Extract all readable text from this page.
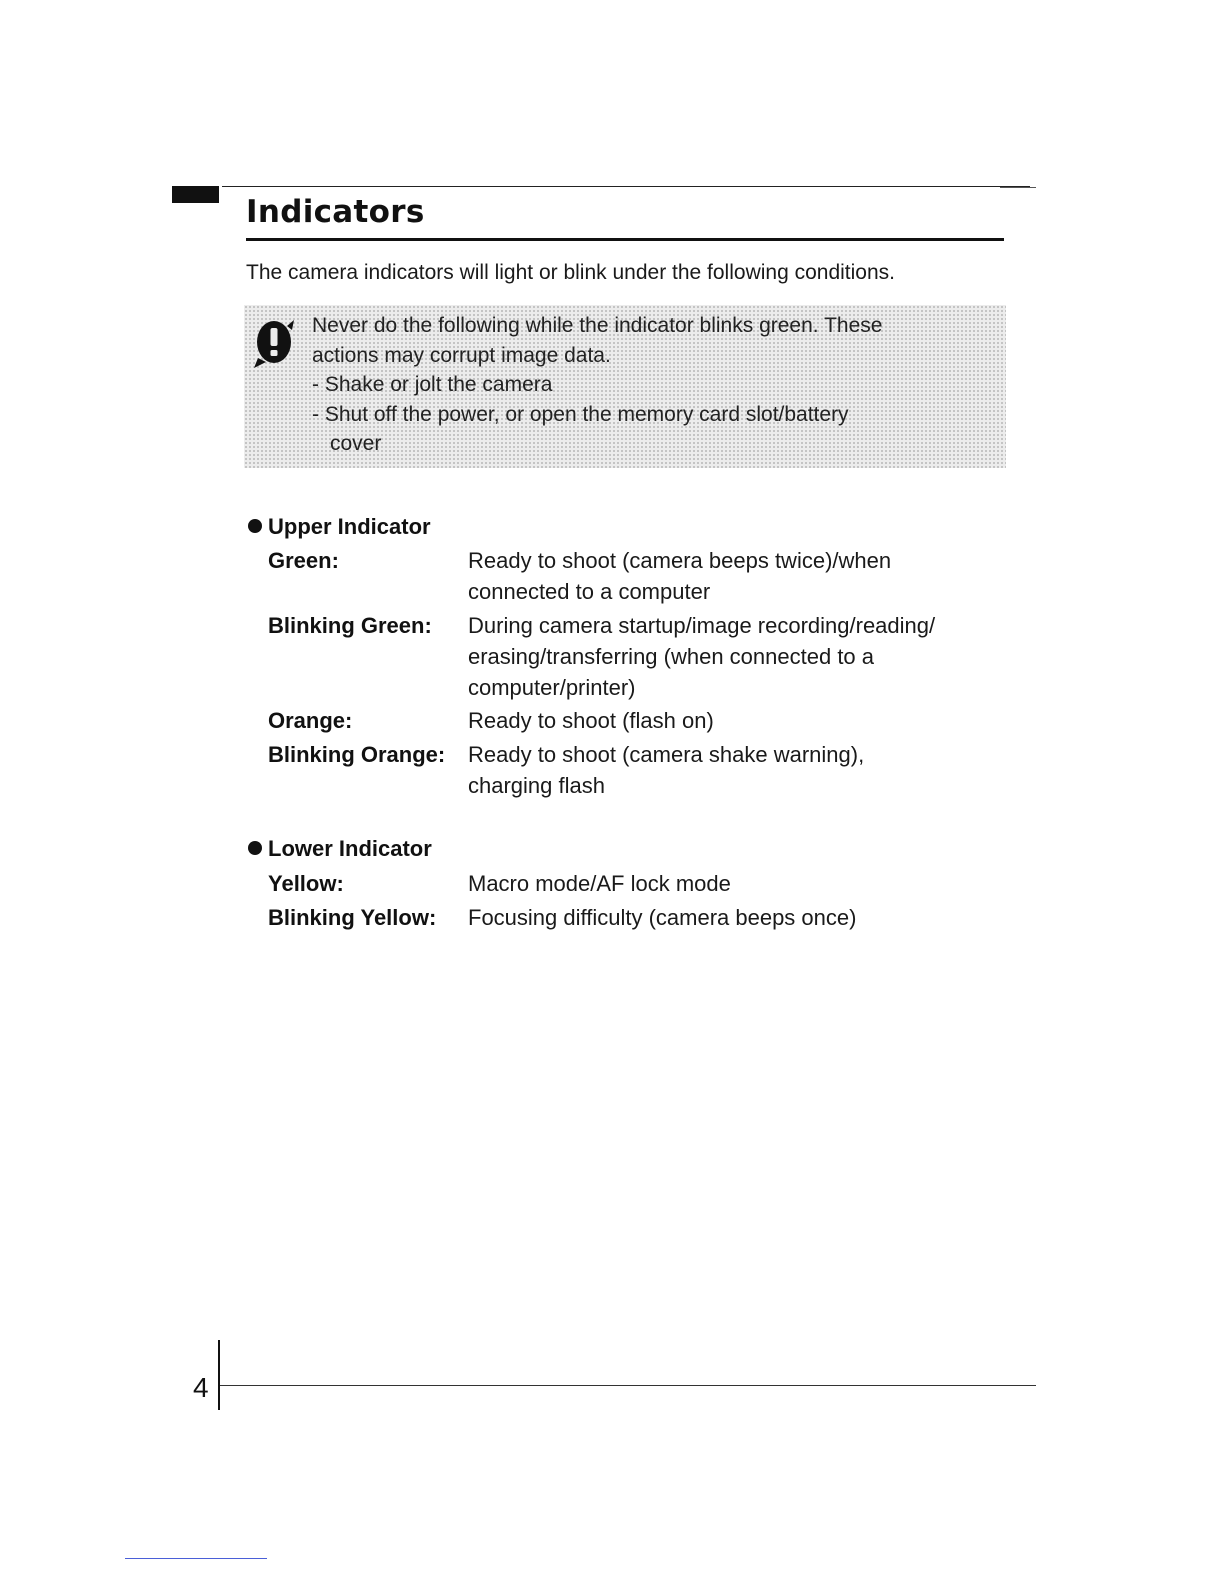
Indicators
The camera indicators will light or blink under the following conditions.
Never do the following while the indicator blinks green. These
actions may corrupt image data.
- Shake or jolt the camera
- Shut off the power, or open the memory card slot/battery
cover
Upper Indicator
Green:	Ready to shoot (camera beeps twice)/when
connected to a computer
Blinking Green: During camera startup/image recording/reading/
erasing/transferring (when connected to a
computer/printer)
Orange:	Ready to shoot (flash on)
Blinking Orange: Ready to shoot (camera shake warning),
charging flash
Lower Indicator
Yellow:	Macro mode/AF lock mode
Blinking Yellow: Focusing difficulty (camera beeps once)
4
